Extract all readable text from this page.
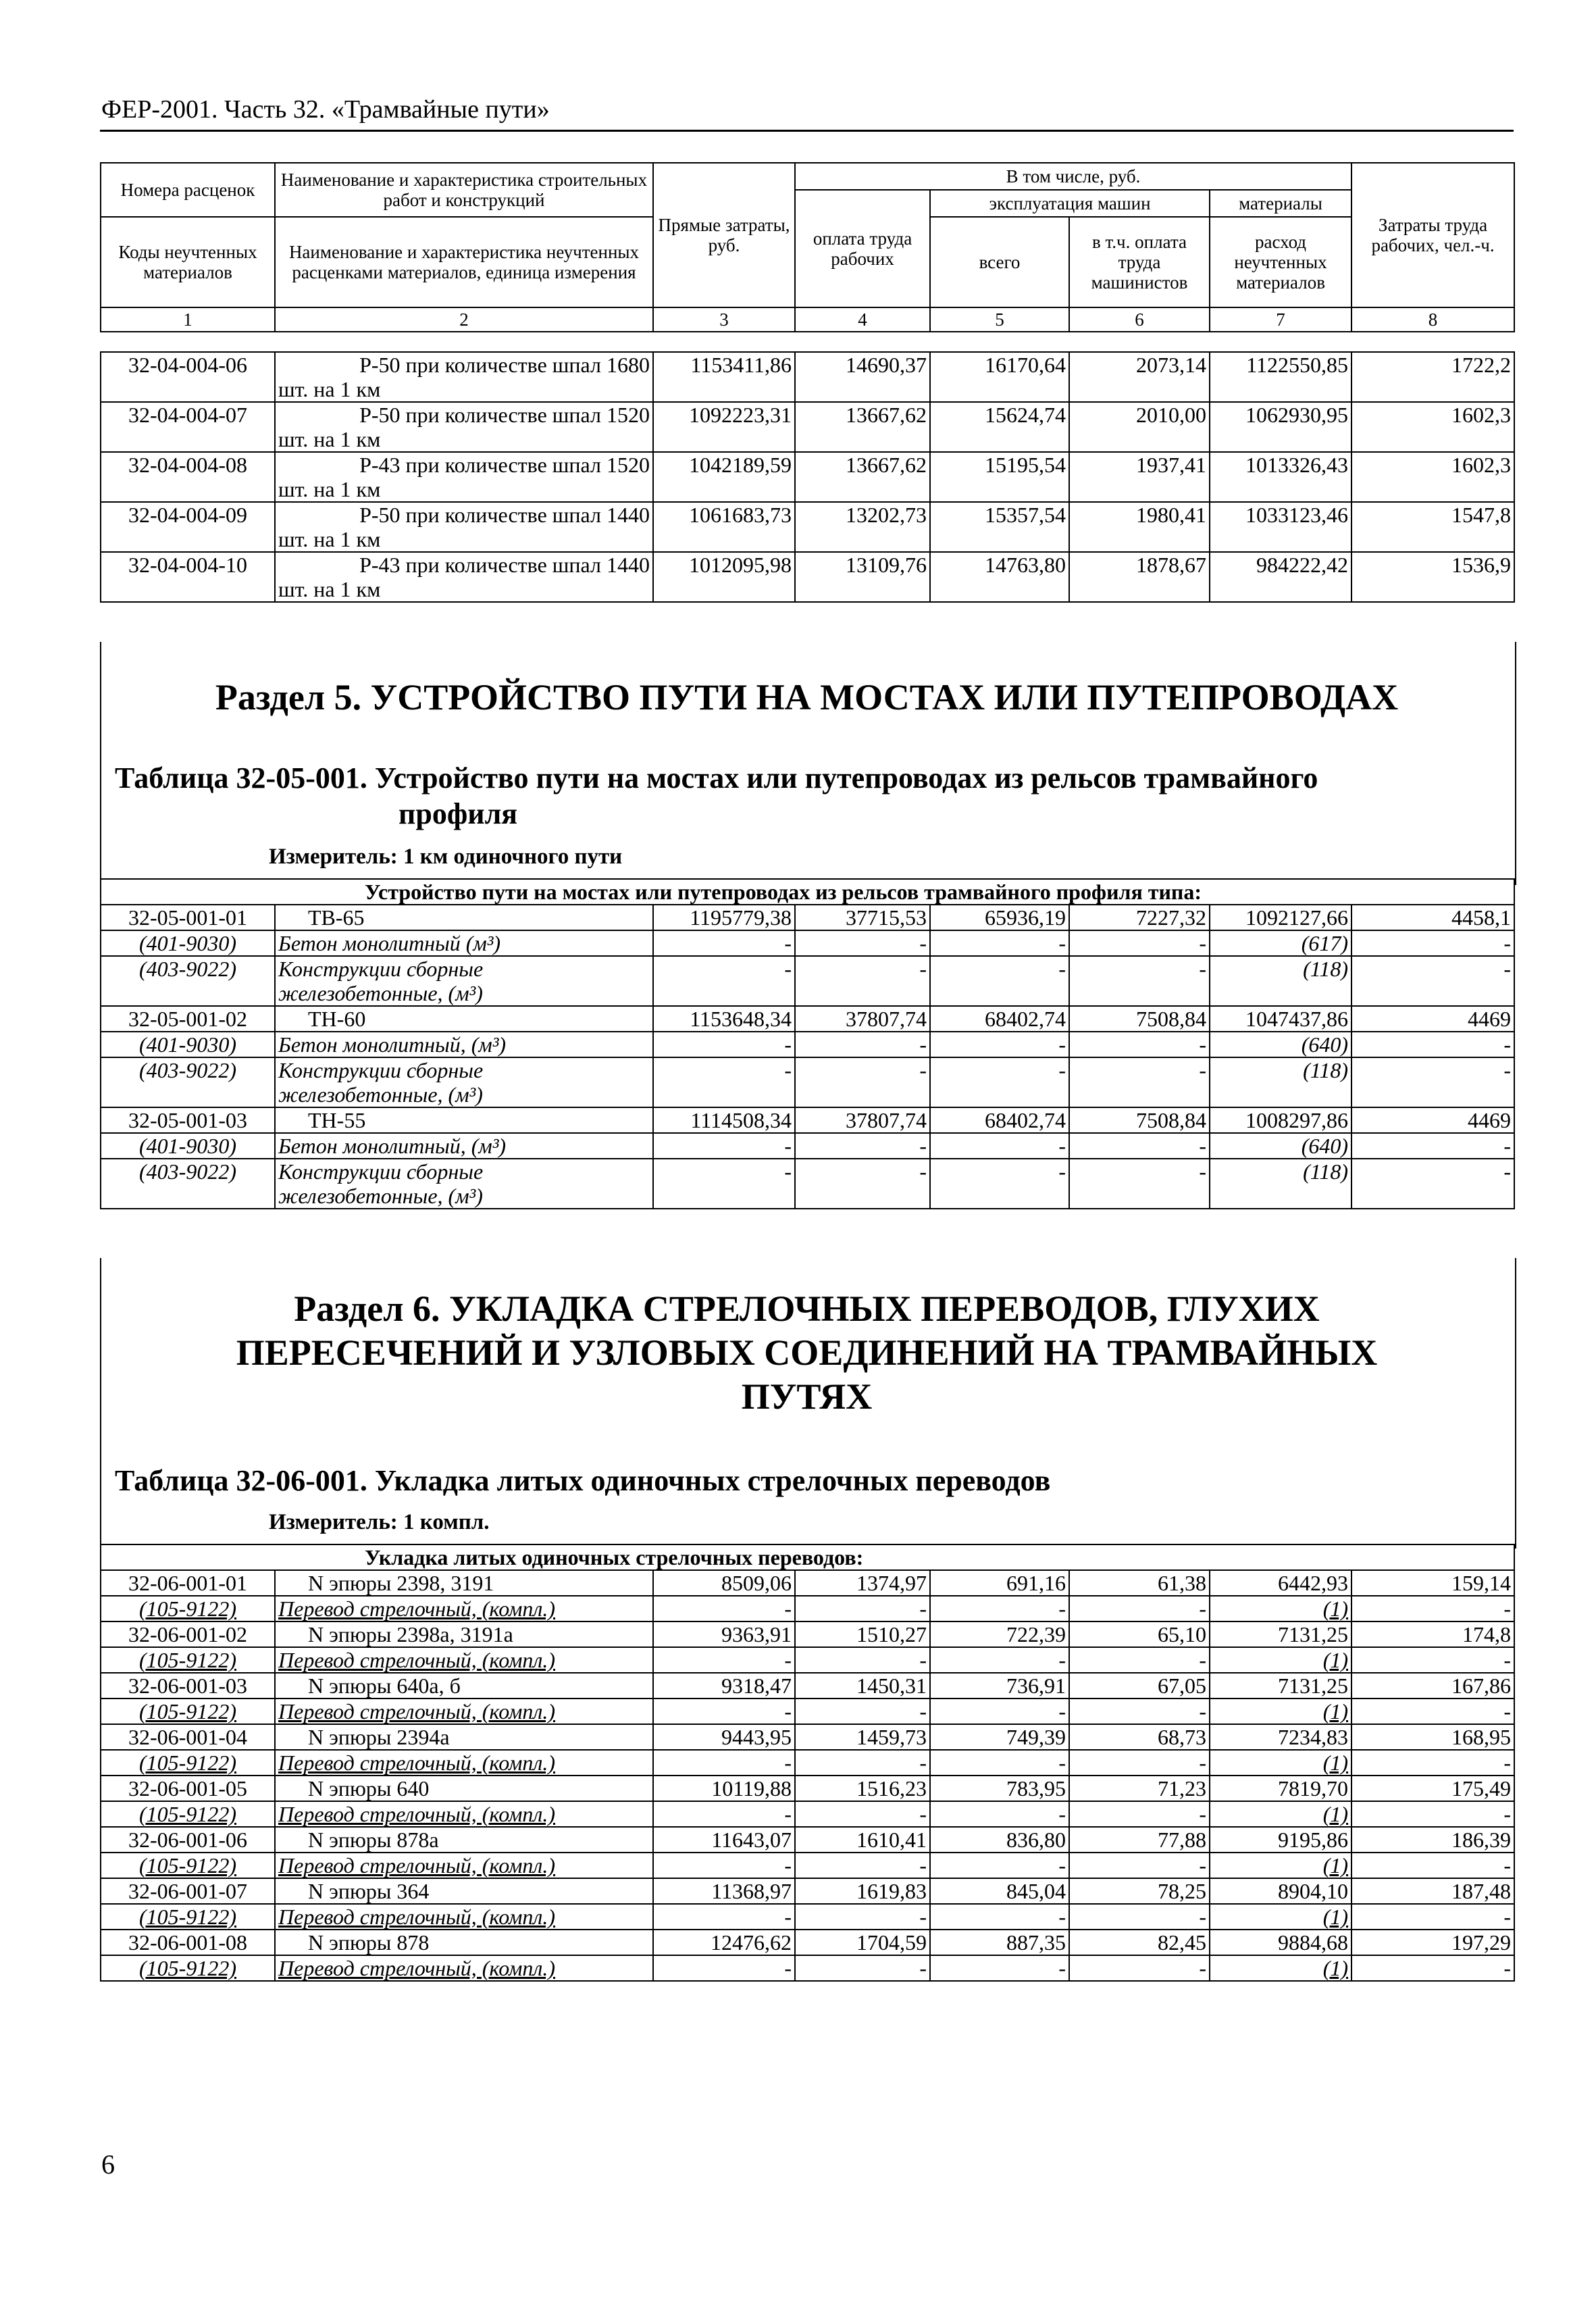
ФЕР-2001. Часть 32. «Трамвайные пути»
Номера расценок	Наименование и характеристика строительных работ и конструкций	Прямые затраты, руб.	В том числе, руб.				Затраты труда рабочих, чел.-ч.
			оплата труда рабочих	эксплуатация машин		материалы	
Коды неучтенных материалов	Наименование и характеристика неучтенных расценками материалов, единица измерения			всего	в т.ч. оплата труда машинистов	расход неучтенных материалов	

1	2	3	4	5	6	7	8
32-04-004-06	Р-50 при количестве шпал 1680
шт. на 1 км	1153411,86	14690,37	16170,64	2073,14	1122550,85	1722,2
32-04-004-07	Р-50 при количестве шпал 1520
шт. на 1 км	1092223,31	13667,62	15624,74	2010,00	1062930,95	1602,3
32-04-004-08	Р-43 при количестве шпал 1520
шт. на 1 км	1042189,59	13667,62	15195,54	1937,41	1013326,43	1602,3
32-04-004-09	Р-50 при количестве шпал 1440
шт. на 1 км	1061683,73	13202,73	15357,54	1980,41	1033123,46	1547,8
32-04-004-10	Р-43 при количестве шпал 1440
шт. на 1 км	1012095,98	13109,76	14763,80	1878,67	984222,42	1536,9
Раздел 5. УСТРОЙСТВО ПУТИ НА МОСТАХ ИЛИ ПУТЕПРОВОДАХ
Таблица 32-05-001. Устройство пути на мостах или путепроводах из рельсов трамвайного
профиля
Измеритель: 1 км одиночного пути
Устройство пути на мостах или путепроводах из рельсов трамвайного профиля типа:							
32-05-001-01	ТВ-65	1195779,38	37715,53	65936,19	7227,32	1092127,66	4458,1
(401-9030)	Бетон монолитный (м³)	-	-	-	-	(617)	-
(403-9022)	Конструкции сборные
железобетонные, (м³)	-	-	-	-	(118)	-
32-05-001-02	ТН-60	1153648,34	37807,74	68402,74	7508,84	1047437,86	4469
(401-9030)	Бетон монолитный, (м³)	-	-	-	-	(640)	-
(403-9022)	Конструкции сборные
железобетонные, (м³)	-	-	-	-	(118)	-
32-05-001-03	ТН-55	1114508,34	37807,74	68402,74	7508,84	1008297,86	4469
(401-9030)	Бетон монолитный, (м³)	-	-	-	-	(640)	-
(403-9022)	Конструкции сборные
железобетонные, (м³)	-	-	-	-	(118)	-
Раздел 6. УКЛАДКА СТРЕЛОЧНЫХ ПЕРЕВОДОВ, ГЛУХИХ
ПЕРЕСЕЧЕНИЙ И УЗЛОВЫХ СОЕДИНЕНИЙ НА ТРАМВАЙНЫХ
ПУТЯХ
Таблица 32-06-001. Укладка литых одиночных стрелочных переводов
Измеритель: 1 компл.
Укладка литых одиночных стрелочных переводов:							
32-06-001-01	N эпюры 2398, 3191	8509,06	1374,97	691,16	61,38	6442,93	159,14
(105-9122)	Перевод стрелочный, (компл.)	-	-	-	-	(1)	-
32-06-001-02	N эпюры 2398а, 3191а	9363,91	1510,27	722,39	65,10	7131,25	174,8
(105-9122)	Перевод стрелочный, (компл.)	-	-	-	-	(1)	-
32-06-001-03	N эпюры 640а, б	9318,47	1450,31	736,91	67,05	7131,25	167,86
(105-9122)	Перевод стрелочный, (компл.)	-	-	-	-	(1)	-
32-06-001-04	N эпюры 2394а	9443,95	1459,73	749,39	68,73	7234,83	168,95
(105-9122)	Перевод стрелочный, (компл.)	-	-	-	-	(1)	-
32-06-001-05	N эпюры 640	10119,88	1516,23	783,95	71,23	7819,70	175,49
(105-9122)	Перевод стрелочный, (компл.)	-	-	-	-	(1)	-
32-06-001-06	N эпюры 878а	11643,07	1610,41	836,80	77,88	9195,86	186,39
(105-9122)	Перевод стрелочный, (компл.)	-	-	-	-	(1)	-
32-06-001-07	N эпюры 364	11368,97	1619,83	845,04	78,25	8904,10	187,48
(105-9122)	Перевод стрелочный, (компл.)	-	-	-	-	(1)	-
32-06-001-08	N эпюры 878	12476,62	1704,59	887,35	82,45	9884,68	197,29
(105-9122)	Перевод стрелочный, (компл.)	-	-	-	-	(1)	-
6
